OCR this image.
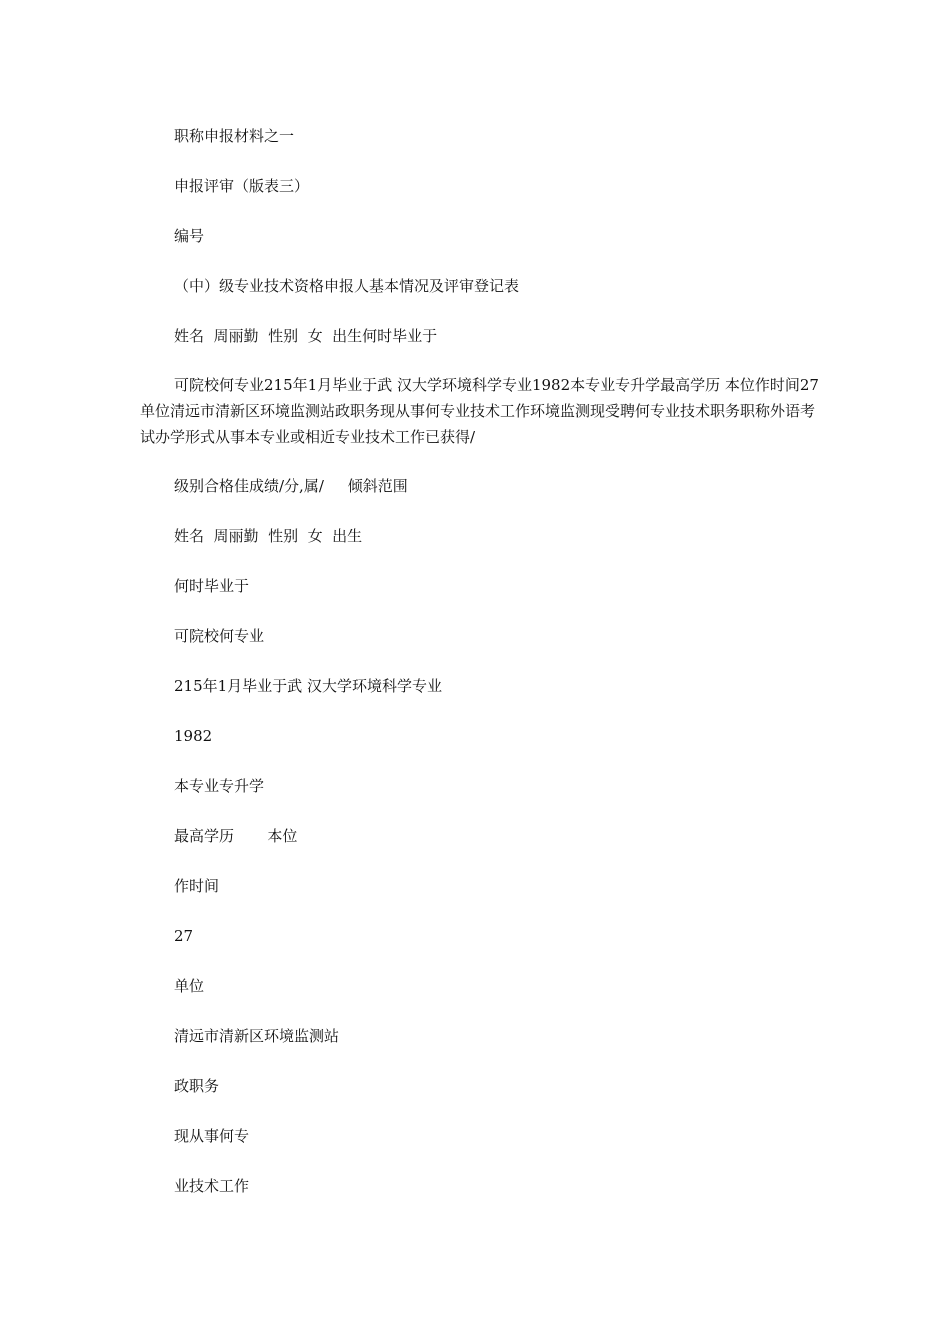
职称申报材料之一
申报评审（版表三）
编号
（中）级专业技术资格申报人基本情况及评审登记表
姓名  周丽勤  性别  女  出生何时毕业于
可院校何专业215年1月毕业于武 汉大学环境科学专业1982本专业专升学最高学历 本位作时间27单位清远市清新区环境监测站政职务现从事何专业技术工作环境监测现受聘何专业技术职务职称外语考试办学形式从事本专业或相近专业技术工作已获得/
级别合格佳成绩/分,属/     倾斜范围
姓名  周丽勤  性别  女  出生
何时毕业于
可院校何专业
215年1月毕业于武 汉大学环境科学专业
1982
本专业专升学
最高学历       本位
作时间
27
单位
清远市清新区环境监测站
政职务
现从事何专
业技术工作
